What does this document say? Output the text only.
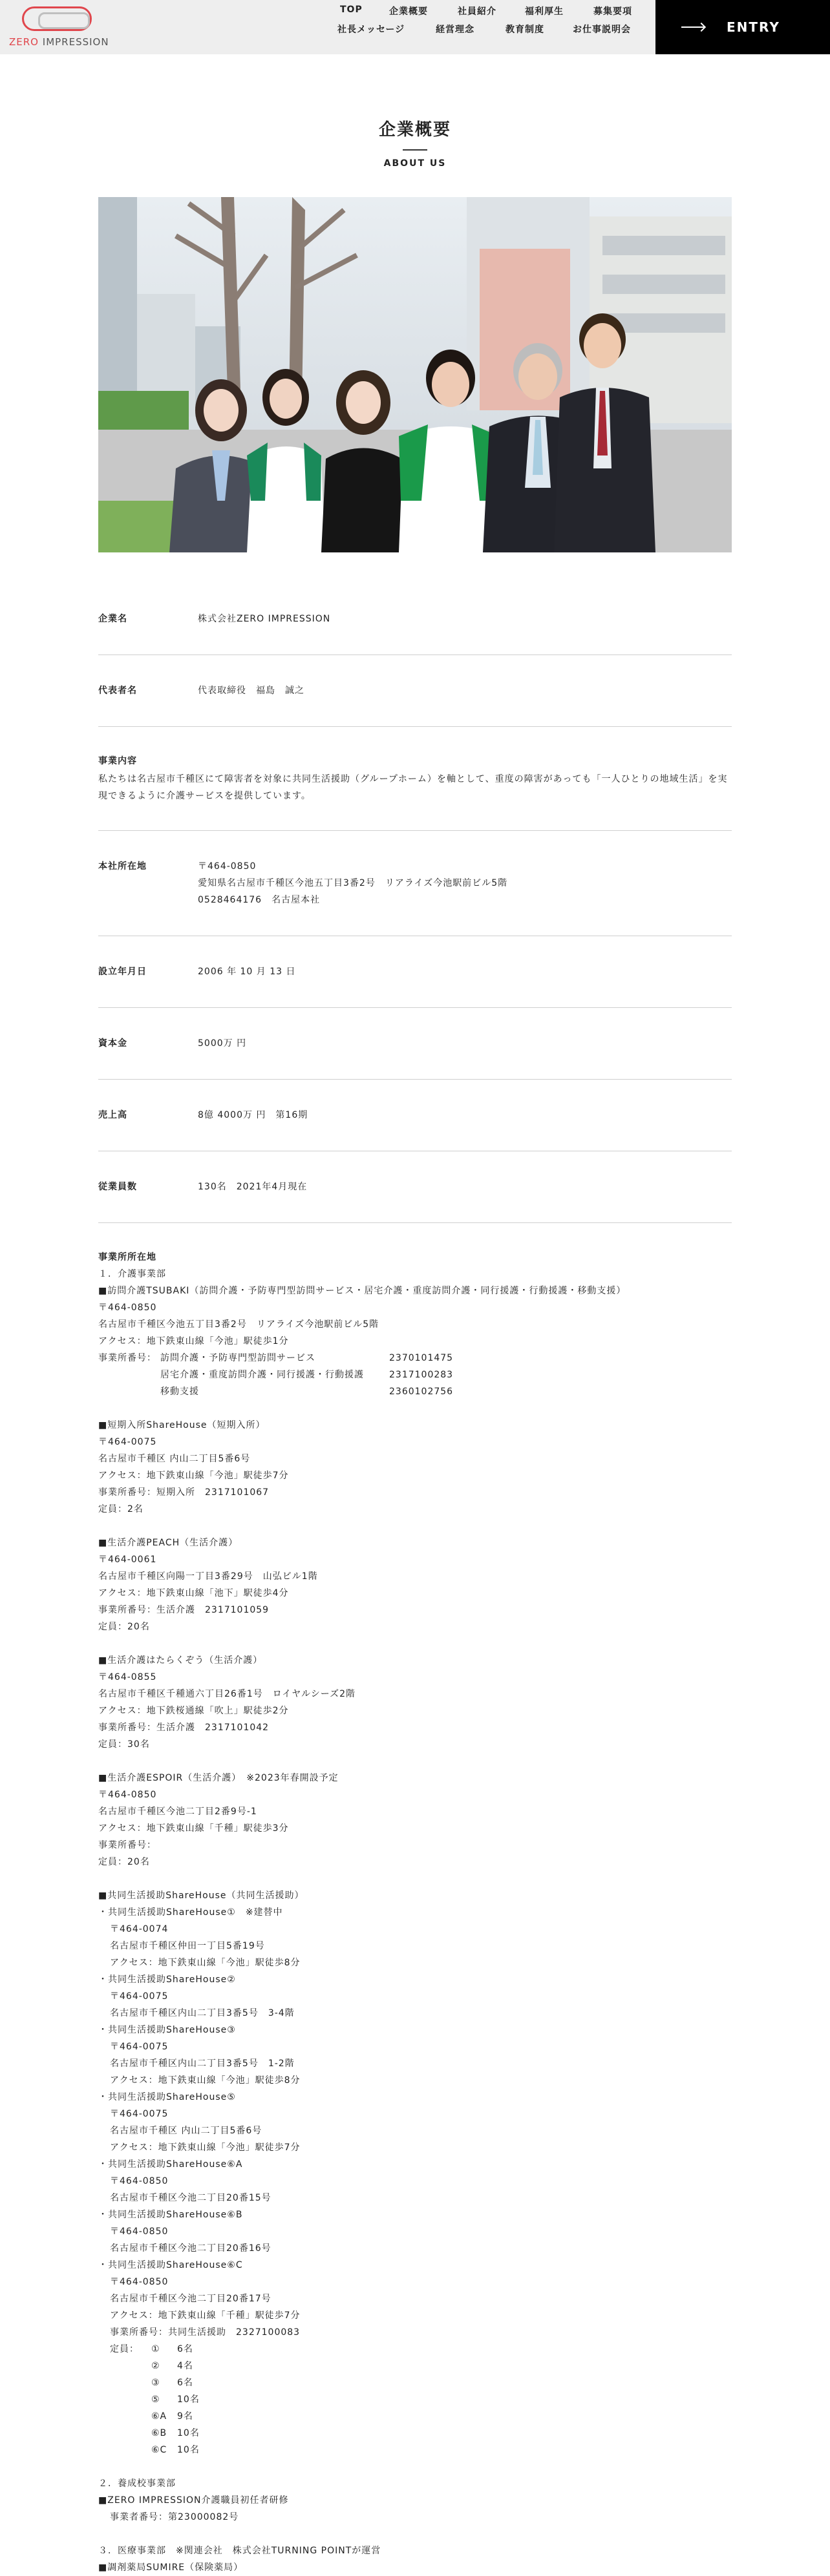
ZERO IMPRESSION
TOP	企業概要	社員紹介	福利厚生	募集要項
社長メッセージ	経営理念	教育制度	お仕事説明会	ENTRY
企業概要
ABOUT US
企業名	株式会社ZERO IMPRESSION
代表者名	代表取締役　福島　誠之
事業内容
私たちは名古屋市千種区にて障害者を対象に共同生活援助（グループホーム）を軸として、重度の障害があっても「一人ひとりの地域生活」を実現できるように介護サービスを提供しています。
本社所在地	〒464-0850
愛知県名古屋市千種区今池五丁目3番2号　リアライズ今池駅前ビル5階
0528464176　名古屋本社
設立年月日	2006 年 10 月 13 日
資本金	5000万 円
売上高	8億 4000万 円　第16期
従業員数	130名　2021年4月現在
事業所所在地
１．介護事業部
■訪問介護TSUBAKI（訪問介護・予防専門型訪問サービス・居宅介護・重度訪問介護・同行援護・行動援護・移動支援）
〒464-0850
名古屋市千種区今池五丁目3番2号　リアライズ今池駅前ビル5階
アクセス：地下鉄東山線「今池」駅徒歩1分
事業所番号： 訪問介護・予防専門型訪問サービス	2370101475
居宅介護・重度訪問介護・同行援護・行動援護	2317100283
移動支援	2360102756
■短期入所ShareHouse（短期入所）
〒464-0075
名古屋市千種区 内山二丁目5番6号
アクセス：地下鉄東山線「今池」駅徒歩7分
事業所番号：短期入所　2317101067
定員：2名
■生活介護PEACH（生活介護）
〒464-0061
名古屋市千種区向陽一丁目3番29号　山弘ビル1階
アクセス：地下鉄東山線「池下」駅徒歩4分
事業所番号：生活介護　2317101059
定員：20名
■生活介護はたらくぞう（生活介護）
〒464-0855
名古屋市千種区千種通六丁目26番1号　ロイヤルシーズ2階
アクセス：地下鉄桜通線「吹上」駅徒歩2分
事業所番号：生活介護　2317101042
定員：30名
■生活介護ESPOIR（生活介護）　※2023年春開設予定
〒464-0850
名古屋市千種区今池二丁目2番9号-1
アクセス：地下鉄東山線「千種」駅徒歩3分
事業所番号：
定員：20名
■共同生活援助ShareHouse（共同生活援助）
・共同生活援助ShareHouse①　※建替中
〒464-0074
名古屋市千種区仲田一丁目5番19号
アクセス：地下鉄東山線「今池」駅徒歩8分
・共同生活援助ShareHouse②
〒464-0075
名古屋市千種区内山二丁目3番5号　3-4階
・共同生活援助ShareHouse③
〒464-0075
名古屋市千種区内山二丁目3番5号　1-2階
アクセス：地下鉄東山線「今池」駅徒歩8分
・共同生活援助ShareHouse⑤
〒464-0075
名古屋市千種区 内山二丁目5番6号
アクセス：地下鉄東山線「今池」駅徒歩7分
・共同生活援助ShareHouse⑥A
〒464-0850
名古屋市千種区今池二丁目20番15号
・共同生活援助ShareHouse⑥B
〒464-0850
名古屋市千種区今池二丁目20番16号
・共同生活援助ShareHouse⑥C
〒464-0850
名古屋市千種区今池二丁目20番17号
アクセス：地下鉄東山線「千種」駅徒歩7分
事業所番号：共同生活援助　2327100083
定員：	①	6名
②	4名
③	6名
⑤	10名
⑥A	9名
⑥B	10名
⑥C	10名
２．養成校事業部
■ZERO IMPRESSION介護職員初任者研修
事業者番号：第23000082号
３．医療事業部　※関連会社　株式会社TURNING POINTが運営
■調剤薬局SUMIRE（保険薬局）
